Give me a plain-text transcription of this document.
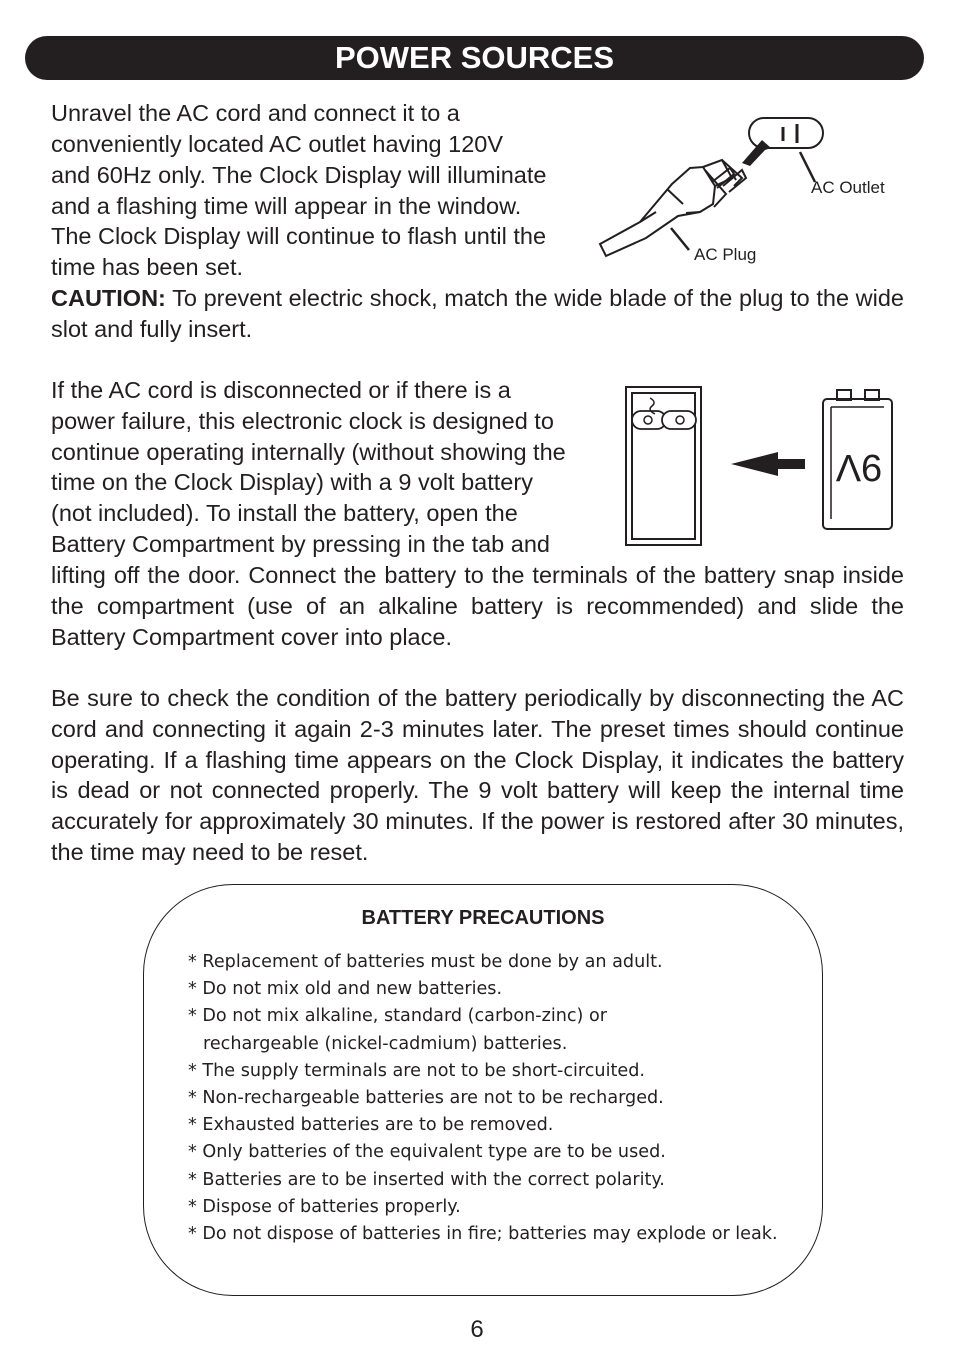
POWER SOURCES

Unravel the AC cord and connect it to a

conveniently located AC outlet having 120V

and 60Hz only. The Clock Display will illuminate

and a flashing time will appear in the window.

The Clock Display will continue to flash until the

time has been set.

CAUTION: To prevent electric shock, match the wide blade of the plug to the wide slot and fully insert.

AC Outlet
AC Plug

If the AC cord is disconnected or if there is a

power failure, this electronic clock is designed to

continue operating internally (without showing the

time on the Clock Display) with a 9 volt battery

(not included). To install the battery, open the

Battery Compartment by pressing in the tab and

lifting off the door. Connect the battery to the terminals of the battery snap inside the compartment (use of an alkaline battery is recommended) and slide the Battery Compartment cover into place.

9V

Be sure to check the condition of the battery periodically by disconnecting the AC cord and connecting it again 2-3 minutes later. The preset times should continue operating. If a flashing time appears on the Clock Display, it indicates the battery is dead or not connected properly. The 9 volt battery will keep the internal time accurately for approximately 30 minutes. If the power is restored after 30 minutes, the time may need to be reset.

BATTERY PRECAUTIONS
* Replacement of batteries must be done by an adult.
* Do not mix old and new batteries.
* Do not mix alkaline, standard (carbon-zinc) or
rechargeable (nickel-cadmium) batteries.
* The supply terminals are not to be short-circuited.
* Non-rechargeable batteries are not to be recharged.
* Exhausted batteries are to be removed.
* Only batteries of the equivalent type are to be used.
* Batteries are to be inserted with the correct polarity.
* Dispose of batteries properly.
* Do not dispose of batteries in fire; batteries may explode or leak.
6
